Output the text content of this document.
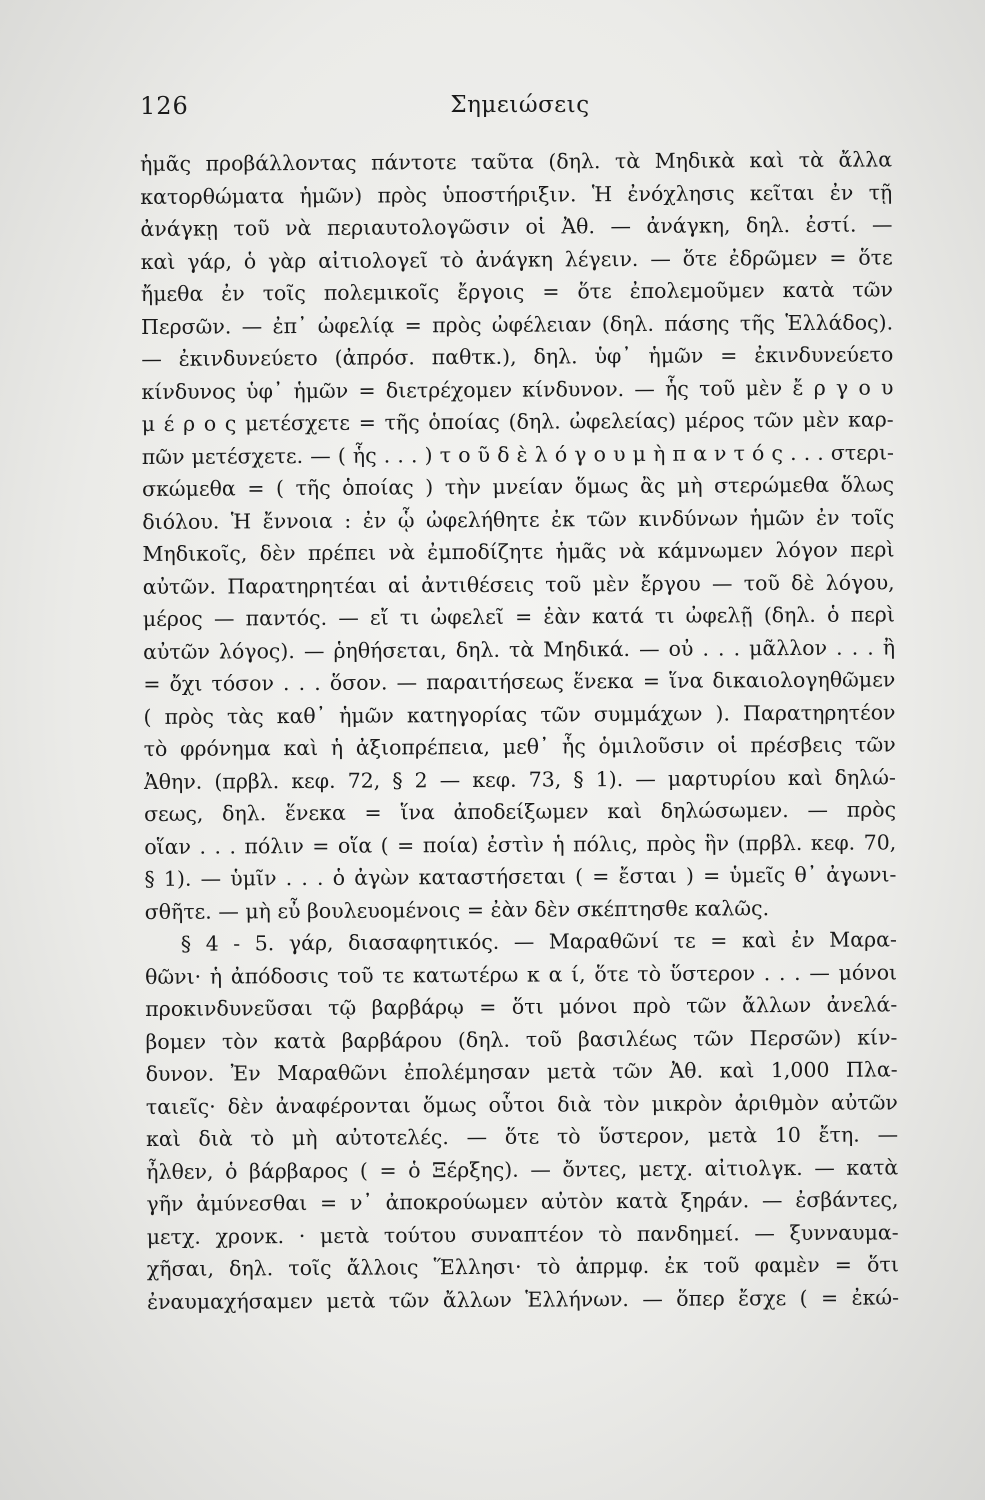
126	Σημειώσεις
ἡμᾶς προβάλλοντας πάντοτε ταῦτα (δηλ. τὰ Μηδικὰ καὶ τὰ ἄλλα
κατορθώματα ἡμῶν) πρὸς ὑποστήριξιν. Ἡ ἐνόχλησις κεῖται ἐν τῇ
ἀνάγκῃ τοῦ νὰ περιαυτολογῶσιν οἱ Ἀθ. — ἀνάγκη, δηλ. ἐστί. —
καὶ γάρ, ὁ γὰρ αἰτιολογεῖ τὸ ἀνάγκη λέγειν. — ὅτε ἐδρῶμεν = ὅτε
ἤμεθα ἐν τοῖς πολεμικοῖς ἔργοις = ὅτε ἐπολεμοῦμεν κατὰ τῶν
Περσῶν. — ἐπ᾽ ὠφελίᾳ = πρὸς ὠφέλειαν (δηλ. πάσης τῆς Ἑλλάδος).
— ἐκινδυνεύετο (ἀπρόσ. παθτκ.), δηλ. ὑφ᾽ ἡμῶν = ἐκινδυνεύετο
κίνδυνος ὑφ᾽ ἡμῶν = διετρέχομεν κίνδυνον. — ἧς τοῦ μὲν ἔ ρ γ ο υ
μ έ ρ ο ς μετέσχετε = τῆς ὁποίας (δηλ. ὠφελείας) μέρος τῶν μὲν καρ-
πῶν μετέσχετε. — ( ἧς . . . ) τ ο ῦ δ ὲ λ ό γ ο υ μ ὴ π α ν τ ό ς . . . στερι-
σκώμεθα = ( τῆς ὁποίας ) τὴν μνείαν ὅμως ἂς μὴ στερώμεθα ὅλως
διόλου. Ἡ ἔννοια : ἐν ᾧ ὠφελήθητε ἐκ τῶν κινδύνων ἡμῶν ἐν τοῖς
Μηδικοῖς, δὲν πρέπει νὰ ἐμποδίζητε ἡμᾶς νὰ κάμνωμεν λόγον περὶ
αὐτῶν. Παρατηρητέαι αἱ ἀντιθέσεις τοῦ μὲν ἔργου — τοῦ δὲ λόγου,
μέρος — παντός. — εἴ τι ὠφελεῖ = ἐὰν κατά τι ὠφελῇ (δηλ. ὁ περὶ
αὐτῶν λόγος). — ῥηθήσεται, δηλ. τὰ Μηδικά. — οὐ . . . μᾶλλον . . . ἢ
= ὄχι τόσον . . . ὅσον. — παραιτήσεως ἕνεκα = ἵνα δικαιολογηθῶμεν
( πρὸς τὰς καθ᾽ ἡμῶν κατηγορίας τῶν συμμάχων ). Παρατηρητέον
τὸ φρόνημα καὶ ἡ ἀξιοπρέπεια, μεθ᾽ ἧς ὁμιλοῦσιν οἱ πρέσβεις τῶν
Ἀθην. (πρβλ. κεφ. 72, § 2 — κεφ. 73, § 1). — μαρτυρίου καὶ δηλώ-
σεως, δηλ. ἕνεκα = ἵνα ἀποδείξωμεν καὶ δηλώσωμεν. — πρὸς
οἵαν . . . πόλιν = οἵα ( = ποία) ἐστὶν ἡ πόλις, πρὸς ἣν (πρβλ. κεφ. 70,
§ 1). — ὑμῖν . . . ὁ ἀγὼν καταστήσεται ( = ἔσται ) = ὑμεῖς θ᾽ ἀγωνι-
σθῆτε. — μὴ εὖ βουλευομένοις = ἐὰν δὲν σκέπτησθε καλῶς.
§ 4 - 5. γάρ, διασαφητικός. — Μαραθῶνί τε = καὶ ἐν Μαρα-
θῶνι· ἡ ἀπόδοσις τοῦ τε κατωτέρω κ α ί, ὅτε τὸ ὕστερον . . . — μόνοι
προκινδυνεῦσαι τῷ βαρβάρῳ = ὅτι μόνοι πρὸ τῶν ἄλλων ἀνελά-
βομεν τὸν κατὰ βαρβάρου (δηλ. τοῦ βασιλέως τῶν Περσῶν) κίν-
δυνον. Ἐν Μαραθῶνι ἐπολέμησαν μετὰ τῶν Ἀθ. καὶ 1,000 Πλα-
ταιεῖς· δὲν ἀναφέρονται ὅμως οὗτοι διὰ τὸν μικρὸν ἀριθμὸν αὐτῶν
καὶ διὰ τὸ μὴ αὐτοτελές. — ὅτε τὸ ὕστερον, μετὰ 10 ἔτη. —
ἦλθεν, ὁ βάρβαρος ( = ὁ Ξέρξης). — ὄντες, μετχ. αἰτιολγκ. — κατὰ
γῆν ἀμύνεσθαι = ν᾽ ἀποκρούωμεν αὐτὸν κατὰ ξηράν. — ἐσβάντες,
μετχ. χρονκ. · μετὰ τούτου συναπτέον τὸ πανδημεί. — ξυνναυμα-
χῆσαι, δηλ. τοῖς ἄλλοις Ἕλλησι· τὸ ἀπρμφ. ἐκ τοῦ φαμὲν = ὅτι
ἐναυμαχήσαμεν μετὰ τῶν ἄλλων Ἑλλήνων. — ὅπερ ἔσχε ( = ἐκώ-
